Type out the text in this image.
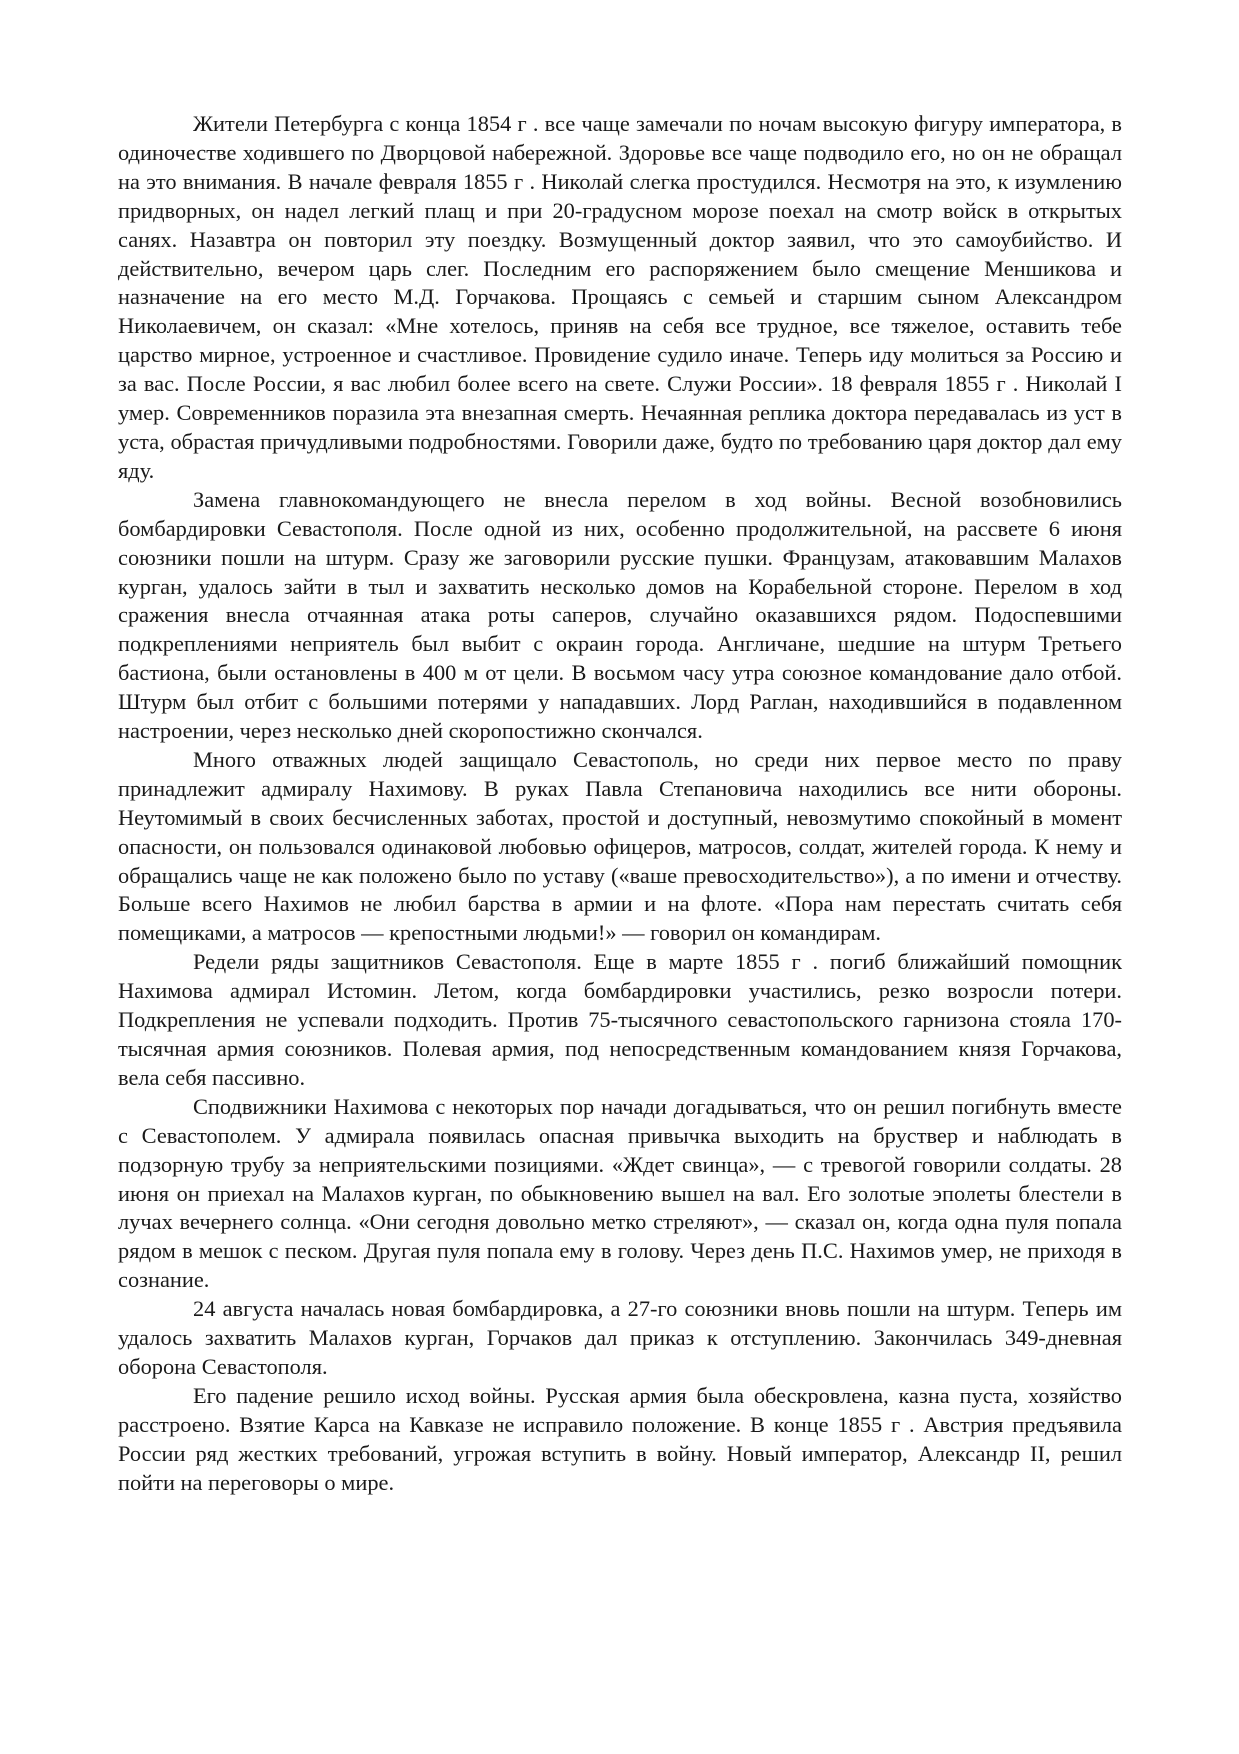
Жители Петербурга с конца 1854 г . все чаще замечали по ночам высокую фигуру императора, в одиночестве ходившего по Дворцовой набережной. Здоровье все чаще подводило его, но он не обращал на это внимания. В начале февраля 1855 г . Николай слегка простудился. Несмотря на это, к изумлению придворных, он надел легкий плащ и при 20-градусном морозе поехал на смотр войск в открытых санях. Назавтра он повторил эту поездку. Возмущенный доктор заявил, что это самоубийство. И действительно, вечером царь слег. Последним его распоряжением было смещение Меншикова и назначение на его место М.Д. Горчакова. Прощаясь с семьей и старшим сыном Александром Николаевичем, он сказал: «Мне хотелось, приняв на себя все трудное, все тяжелое, оставить тебе царство мирное, устроенное и счастливое. Провидение судило иначе. Теперь иду молиться за Россию и за вас. После России, я вас любил более всего на свете. Служи России». 18 февраля 1855 г . Николай I умер. Современников поразила эта внезапная смерть. Нечаянная реплика доктора передавалась из уст в уста, обрастая причудливыми подробностями. Говорили даже, будто по требованию царя доктор дал ему яду.

Замена главнокомандующего не внесла перелом в ход войны. Весной возобновились бомбардировки Севастополя. После одной из них, особенно продолжительной, на рассвете 6 июня союзники пошли на штурм. Сразу же заговорили русские пушки. Французам, атаковавшим Малахов курган, удалось зайти в тыл и захватить несколько домов на Корабельной стороне. Перелом в ход сражения внесла отчаянная атака роты саперов, случайно оказавшихся рядом. Подоспевшими подкреплениями неприятель был выбит с окраин города. Англичане, шедшие на штурм Третьего бастиона, были остановлены в 400 м от цели. В восьмом часу утра союзное командование дало отбой. Штурм был отбит с большими потерями у нападавших. Лорд Раглан, находившийся в подавленном настроении, через несколько дней скоропостижно скончался.

Много отважных людей защищало Севастополь, но среди них первое место по праву принадлежит адмиралу Нахимову. В руках Павла Степановича находились все нити обороны. Неутомимый в своих бесчисленных заботах, простой и доступный, невозмутимо спокойный в момент опасности, он пользовался одинаковой любовью офицеров, матросов, солдат, жителей города. К нему и обращались чаще не как положено было по уставу («ваше превосходительство»), а по имени и отчеству. Больше всего Нахимов не любил барства в армии и на флоте. «Пора нам перестать считать себя помещиками, а матросов — крепостными людьми!» — говорил он командирам.

Редели ряды защитников Севастополя. Еще в марте 1855 г . погиб ближайший помощник Нахимова адмирал Истомин. Летом, когда бомбардировки участились, резко возросли потери. Подкрепления не успевали подходить. Против 75-тысячного севастопольского гарнизона стояла 170-тысячная армия союзников. Полевая армия, под непосредственным командованием князя Горчакова, вела себя пассивно.

Сподвижники Нахимова с некоторых пор начади догадываться, что он решил погибнуть вместе с Севастополем. У адмирала появилась опасная привычка выходить на бруствер и наблюдать в подзорную трубу за неприятельскими позициями. «Ждет свинца», — с тревогой говорили солдаты. 28 июня он приехал на Малахов курган, по обыкновению вышел на вал. Его золотые эполеты блестели в лучах вечернего солнца. «Они сегодня довольно метко стреляют», — сказал он, когда одна пуля попала рядом в мешок с песком. Другая пуля попала ему в голову. Через день П.С. Нахимов умер, не приходя в сознание.

24 августа началась новая бомбардировка, а 27-го союзники вновь пошли на штурм. Теперь им удалось захватить Малахов курган, Горчаков дал приказ к отступлению. Закончилась 349-дневная оборона Севастополя.

Его падение решило исход войны. Русская армия была обескровлена, казна пуста, хозяйство расстроено. Взятие Карса на Кавказе не исправило положение. В конце 1855 г . Австрия предъявила России ряд жестких требований, угрожая вступить в войну. Новый император, Александр II, решил пойти на переговоры о мире.
